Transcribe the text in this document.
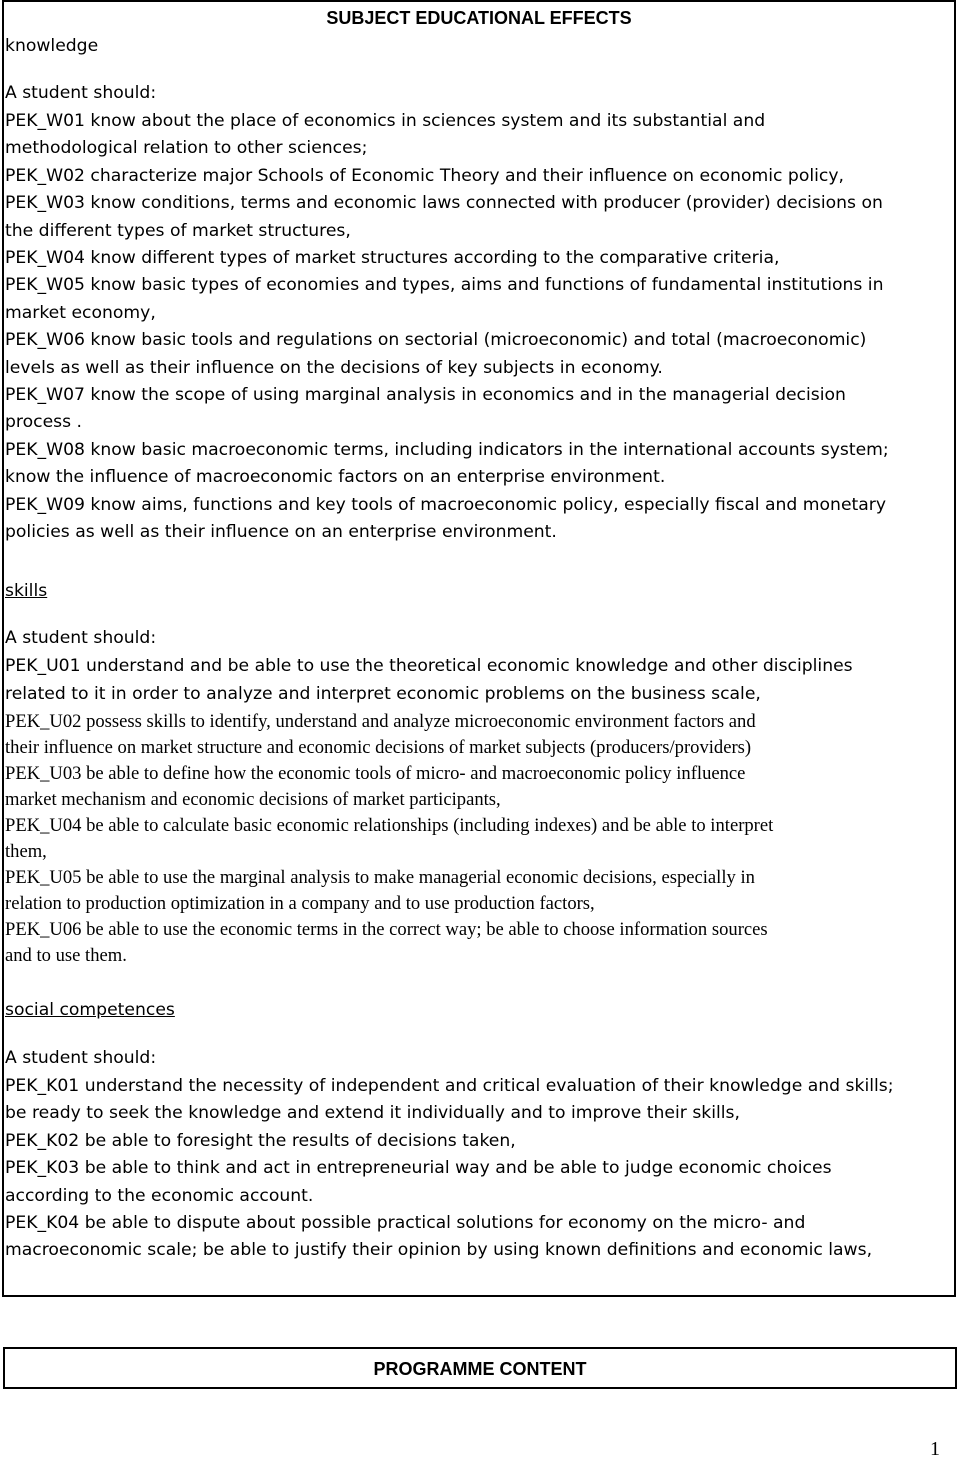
SUBJECT EDUCATIONAL EFFECTS
knowledge
A student should:
PEK_W01 know about the place of economics in sciences system and its substantial and
methodological relation to other sciences;
PEK_W02 characterize major Schools of Economic Theory and their influence on economic policy,
PEK_W03 know conditions, terms and economic laws connected with producer (provider) decisions on
the different types of market structures,
PEK_W04 know different types of market structures according to the comparative criteria,
PEK_W05 know basic types of economies and types, aims and functions of fundamental institutions in
market economy,
PEK_W06 know basic tools and regulations on sectorial (microeconomic) and total (macroeconomic)
levels as well as their influence on the decisions of key subjects in economy.
PEK_W07 know the scope of using marginal analysis in economics and in the managerial decision
process .
PEK_W08 know basic macroeconomic terms, including indicators in the international accounts system;
know the influence of macroeconomic factors on an enterprise environment.
PEK_W09 know aims, functions and key tools of macroeconomic policy, especially fiscal and monetary
policies as well as their influence on an enterprise environment.
skills
A student should:
PEK_U01 understand and be able to use the theoretical economic knowledge and other disciplines
related to it in order to analyze and interpret economic problems on the business scale,
PEK_U02 possess skills to identify, understand and analyze microeconomic environment factors and
their influence on market structure and economic decisions of market subjects (producers/providers)
PEK_U03 be able to define how the economic tools of micro- and macroeconomic policy influence
market mechanism and economic decisions of market participants,
PEK_U04 be able to calculate basic economic relationships (including indexes) and be able to interpret
them,
PEK_U05 be able to use the marginal analysis to make managerial economic decisions, especially in
relation to production optimization in a company and to use production factors,
PEK_U06 be able to use the economic terms in the correct way; be able to choose information sources
and to use them.
social competences
A student should:
PEK_K01 understand the necessity of independent and critical evaluation of their knowledge and skills;
be ready to seek the knowledge and extend it individually and to improve their skills,
PEK_K02 be able to foresight the results of decisions taken,
PEK_K03 be able to think and act in entrepreneurial way and be able to judge economic choices
according to the economic account.
PEK_K04 be able to dispute about possible practical solutions for economy on the micro- and
macroeconomic scale; be able to justify their opinion by using known definitions and economic laws,
PROGRAMME CONTENT
1
